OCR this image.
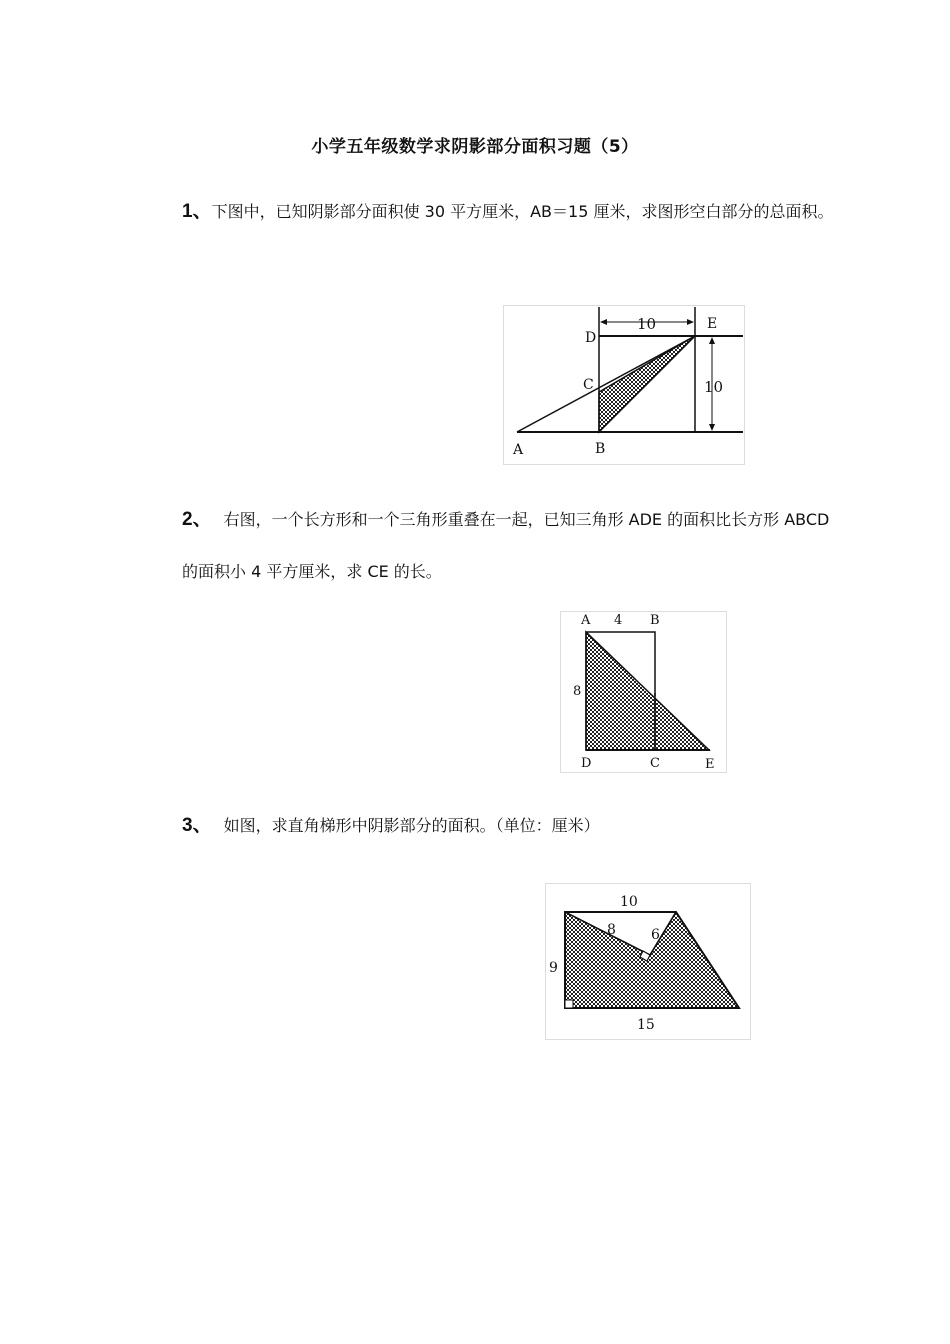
小学五年级数学求阴影部分面积习题（5）
1、下图中，已知阴影部分面积使 30 平方厘米，AB＝15 厘米，求图形空白部分的总面积。
D
E
C
A	B
10
10
2、 右图，一个长方形和一个三角形重叠在一起，已知三角形 ADE 的面积比长方形 ABCD 的面积小 4 平方厘米，求 CE 的长。
A 4 B
8
D	C	E
3、 如图，求直角梯形中阴影部分的面积。（单位：厘米）
10
8	6
9
15
